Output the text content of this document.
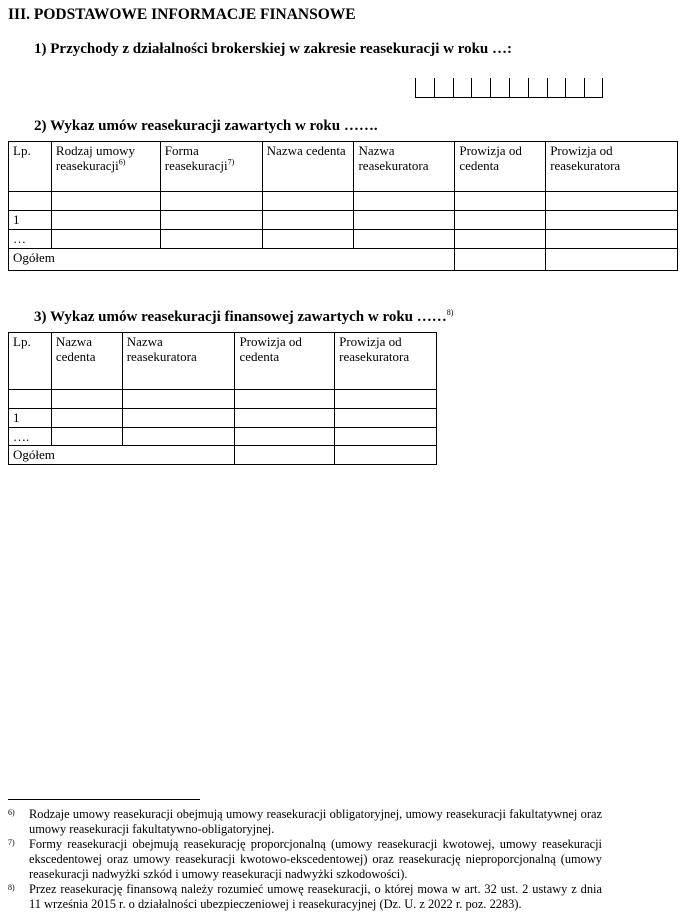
III. PODSTAWOWE INFORMACJE FINANSOWE
1) Przychody z działalności brokerskiej w zakresie reasekuracji w roku …:
2) Wykaz umów reasekuracji zawartych w roku …….
Lp.	Rodzaj umowy reasekuracji$^{6)}$	Forma reasekuracji$^{7)}$	Nazwa cedenta	Nazwa reasekuratora	Prowizja od cedenta	Prowizja od reasekuratora

1						
…						
Ogółem						
3) Wykaz umów reasekuracji finansowej zawartych w roku ……$^{8)}$
Lp.	Nazwa cedenta	Nazwa reasekuratora	Prowizja od cedenta	Prowizja od reasekuratora

1				
….				
Ogółem				
6) Rodzaje umowy reasekuracji obejmują umowy reasekuracji obligatoryjnej, umowy reasekuracji fakultatywnej oraz umowy reasekuracji fakultatywno-obligatoryjnej.
7) Formy reasekuracji obejmują reasekurację proporcjonalną (umowy reasekuracji kwotowej, umowy reasekuracji ekscedentowej oraz umowy reasekuracji kwotowo-ekscedentowej) oraz reasekurację nieproporcjonalną (umowy reasekuracji nadwyżki szkód i umowy reasekuracji nadwyżki szkodowości).
8) Przez reasekurację finansową należy rozumieć umowę reasekuracji, o której mowa w art. 32 ust. 2 ustawy z dnia 11 września 2015 r. o działalności ubezpieczeniowej i reasekuracyjnej (Dz. U. z 2022 r. poz. 2283).
